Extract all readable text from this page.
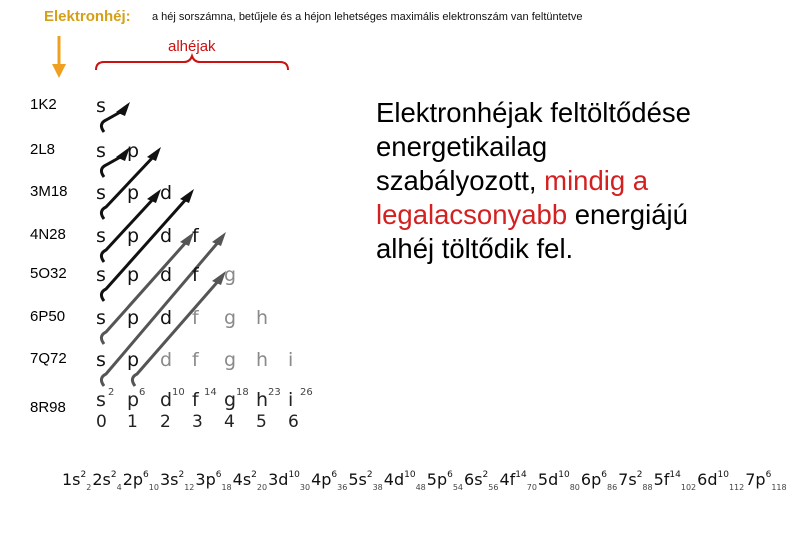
Elektronhéj: a héj sorszámna, betűjele és a héjon lehetséges maximális elektronszám van feltüntetve
alhéjak
1K2
2L8
3M18
4N28
5O32
6P50
7Q72
8R98
s
s p
s p d
s p d f
s p d f g
s p d f g h
s p d f g h i
s 2
0
p 6
1
d 10
2
f 14
3
g 18
4
h 23
5
i 26
6
Elektronhéjak feltöltődése energetikailag szabályozott, mindig a legalacsonyabb energiájú alhéj töltődik fel.
$1s^2_22s^2_42p^6_{10}3s^2_{12}3p^6_{18}4s^2_{20}3d^{10}_{30}4p^6_{36}5s^2_{38}4d^{10}_{48}5p^6_{54}6s^2_{56}4f^{14}_{70}5d^{10}_{80}6p^6_{86}7s^2_{88}5f^{14}_{102}6d^{10}_{112}7p^6_{118}$
